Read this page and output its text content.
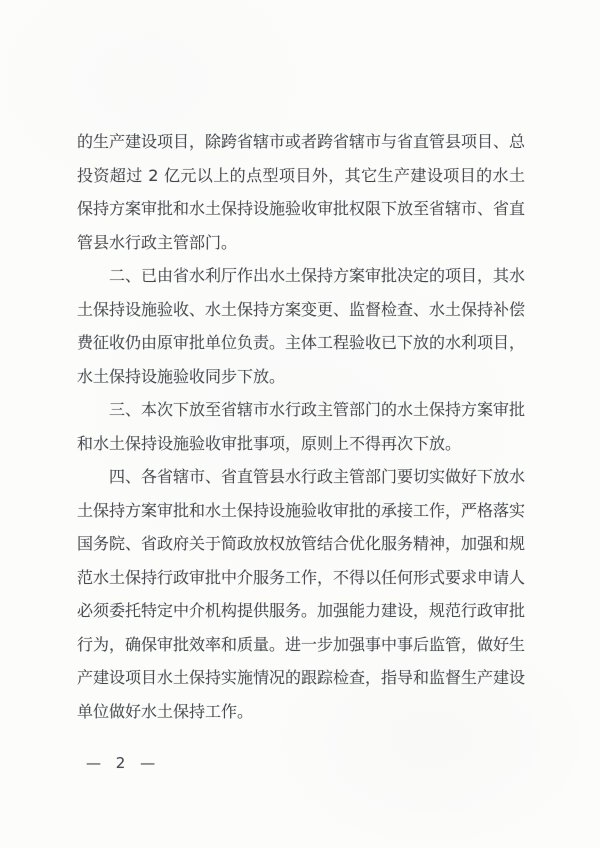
的生产建设项目，除跨省辖市或者跨省辖市与省直管县项目、总投资超过 2 亿元以上的点型项目外，其它生产建设项目的水土保持方案审批和水土保持设施验收审批权限下放至省辖市、省直管县水行政主管部门。

二、已由省水利厅作出水土保持方案审批决定的项目，其水土保持设施验收、水土保持方案变更、监督检查、水土保持补偿费征收仍由原审批单位负责。主体工程验收已下放的水利项目，水土保持设施验收同步下放。

三、本次下放至省辖市水行政主管部门的水土保持方案审批和水土保持设施验收审批事项，原则上不得再次下放。

四、各省辖市、省直管县水行政主管部门要切实做好下放水土保持方案审批和水土保持设施验收审批的承接工作，严格落实国务院、省政府关于简政放权放管结合优化服务精神，加强和规范水土保持行政审批中介服务工作，不得以任何形式要求申请人必须委托特定中介机构提供服务。加强能力建设，规范行政审批行为，确保审批效率和质量。进一步加强事中事后监管，做好生产建设项目水土保持实施情况的跟踪检查，指导和监督生产建设单位做好水土保持工作。

— 2 —
